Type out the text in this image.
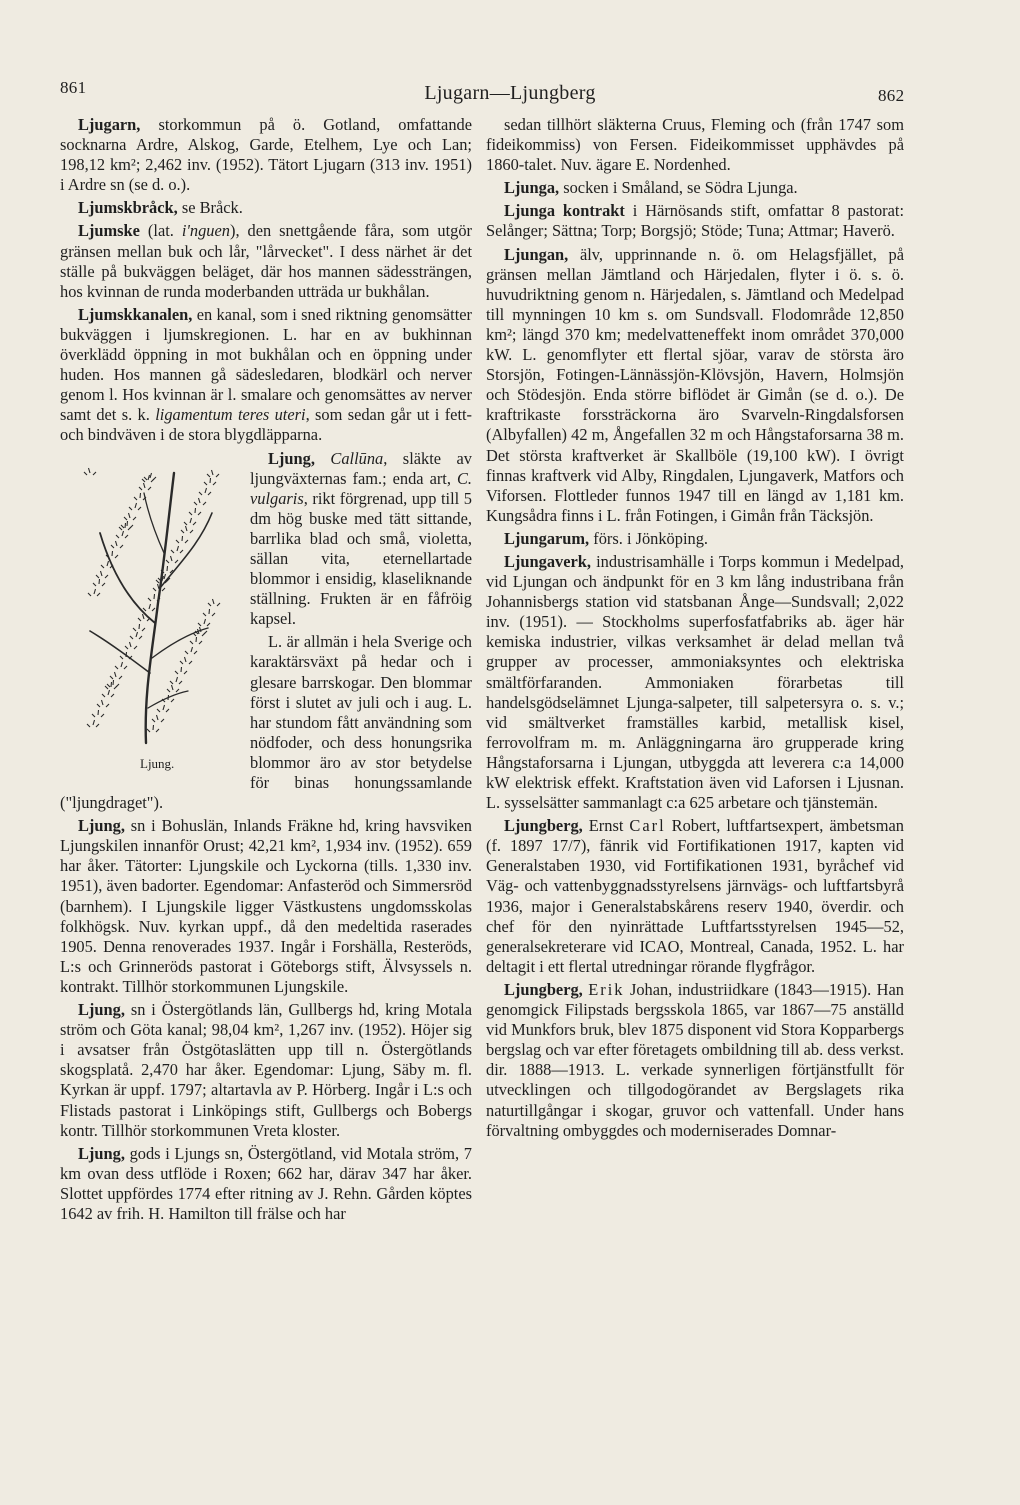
861	Ljugarn—Ljungberg	862

Ljugarn, storkommun på ö. Gotland, omfattande socknarna Ardre, Alskog, Garde, Etelhem, Lye och Lan; 198,12 km²; 2,462 inv. (1952). Tätort Ljugarn (313 inv. 1951) i Ardre sn (se d. o.).

Ljumskbråck, se Bråck.

Ljumske (lat. i'nguen), den snettgående fåra, som utgör gränsen mellan buk och lår, "lårvecket". I dess närhet är det ställe på bukväggen beläget, där hos mannen sädessträngen, hos kvinnan de runda moderbanden utträda ur bukhålan.

Ljumskkanalen, en kanal, som i sned riktning genomsätter bukväggen i ljumskregionen. L. har en av bukhinnan överklädd öppning in mot bukhålan och en öppning under huden. Hos mannen gå sädesledaren, blodkärl och nerver genom l. Hos kvinnan är l. smalare och genomsättes av nerver samt det s. k. ligamentum teres uteri, som sedan går ut i fett- och bindväven i de stora blygdläpparna.

Ljung.
Ljung, Callūna, släkte av ljungväxternas fam.; enda art, C. vulgaris, rikt förgrenad, upp till 5 dm hög buske med tätt sittande, barrlika blad och små, violetta, sällan vita, eternellartade blommor i ensidig, klaseliknande ställning. Frukten är en fåfröig kapsel.

L. är allmän i hela Sverige och karaktärsväxt på hedar och i glesare barrskogar. Den blommar först i slutet av juli och i aug. L. har stundom fått användning som nödfoder, och dess honungsrika blommor äro av stor betydelse för binas honungssamlande ("ljungdraget").

Ljung, sn i Bohuslän, Inlands Fräkne hd, kring havsviken Ljungskilen innanför Orust; 42,21 km², 1,934 inv. (1952). 659 har åker. Tätorter: Ljungskile och Lyckorna (tills. 1,330 inv. 1951), även badorter. Egendomar: Anfasteröd och Simmersröd (barnhem). I Ljungskile ligger Västkustens ungdomsskolas folkhögsk. Nuv. kyrkan uppf., då den medeltida raserades 1905. Denna renoverades 1937. Ingår i Forshälla, Resteröds, L:s och Grinneröds pastorat i Göteborgs stift, Älvsyssels n. kontrakt. Tillhör storkommunen Ljungskile.

Ljung, sn i Östergötlands län, Gullbergs hd, kring Motala ström och Göta kanal; 98,04 km², 1,267 inv. (1952). Höjer sig i avsatser från Östgötaslätten upp till n. Östergötlands skogsplatå. 2,470 har åker. Egendomar: Ljung, Säby m. fl. Kyrkan är uppf. 1797; altartavla av P. Hörberg. Ingår i L:s och Flistads pastorat i Linköpings stift, Gullbergs och Bobergs kontr. Tillhör storkommunen Vreta kloster.

Ljung, gods i Ljungs sn, Östergötland, vid Motala ström, 7 km ovan dess utflöde i Roxen; 662 har, därav 347 har åker. Slottet uppfördes 1774 efter ritning av J. Rehn. Gården köptes 1642 av frih. H. Hamilton till frälse och har

sedan tillhört släkterna Cruus, Fleming och (från 1747 som fideikommiss) von Fersen. Fideikommisset upphävdes på 1860-talet. Nuv. ägare E. Nordenhed.

Ljunga, socken i Småland, se Södra Ljunga.

Ljunga kontrakt i Härnösands stift, omfattar 8 pastorat: Selånger; Sättna; Torp; Borgsjö; Stöde; Tuna; Attmar; Haverö.

Ljungan, älv, upprinnande n. ö. om Helagsfjället, på gränsen mellan Jämtland och Härjedalen, flyter i ö. s. ö. huvudriktning genom n. Härjedalen, s. Jämtland och Medelpad till mynningen 10 km s. om Sundsvall. Flodområde 12,850 km²; längd 370 km; medelvatteneffekt inom området 370,000 kW. L. genomflyter ett flertal sjöar, varav de största äro Storsjön, Fotingen-Lännässjön-Klövsjön, Havern, Holmsjön och Stödesjön. Enda större biflödet är Gimån (se d. o.). De kraftrikaste forssträckorna äro Svarveln-Ringdalsforsen (Albyfallen) 42 m, Ångefallen 32 m och Hångstaforsarna 38 m. Det största kraftverket är Skallböle (19,100 kW). I övrigt finnas kraftverk vid Alby, Ringdalen, Ljungaverk, Matfors och Viforsen. Flottleder funnos 1947 till en längd av 1,181 km. Kungsådra finns i L. från Fotingen, i Gimån från Täcksjön.

Ljungarum, förs. i Jönköping.

Ljungaverk, industrisamhälle i Torps kommun i Medelpad, vid Ljungan och ändpunkt för en 3 km lång industribana från Johannisbergs station vid statsbanan Ånge—Sundsvall; 2,022 inv. (1951). — Stockholms superfosfatfabriks ab. äger här kemiska industrier, vilkas verksamhet är delad mellan två grupper av processer, ammoniaksyntes och elektriska smältförfaranden. Ammoniaken förarbetas till handelsgödselämnet Ljunga-salpeter, till salpetersyra o. s. v.; vid smältverket framställes karbid, metallisk kisel, ferrovolfram m. m. Anläggningarna äro grupperade kring Hångstaforsarna i Ljungan, utbyggda att leverera c:a 14,000 kW elektrisk effekt. Kraftstation även vid Laforsen i Ljusnan. L. sysselsätter sammanlagt c:a 625 arbetare och tjänstemän.

Ljungberg, Ernst Carl Robert, luftfartsexpert, ämbetsman (f. 1897 17/7), fänrik vid Fortifikationen 1917, kapten vid Generalstaben 1930, vid Fortifikationen 1931, byråchef vid Väg- och vattenbyggnadsstyrelsens järnvägs- och luftfartsbyrå 1936, major i Generalstabskårens reserv 1940, överdir. och chef för den nyinrättade Luftfartsstyrelsen 1945—52, generalsekreterare vid ICAO, Montreal, Canada, 1952. L. har deltagit i ett flertal utredningar rörande flygfrågor.

Ljungberg, Erik Johan, industriidkare (1843—1915). Han genomgick Filipstads bergsskola 1865, var 1867—75 anställd vid Munkfors bruk, blev 1875 disponent vid Stora Kopparbergs bergslag och var efter företagets ombildning till ab. dess verkst. dir. 1888—1913. L. verkade synnerligen förtjänstfullt för utvecklingen och tillgodogörandet av Bergslagets rika naturtillgångar i skogar, gruvor och vattenfall. Under hans förvaltning ombyggdes och moderniserades Domnar-
